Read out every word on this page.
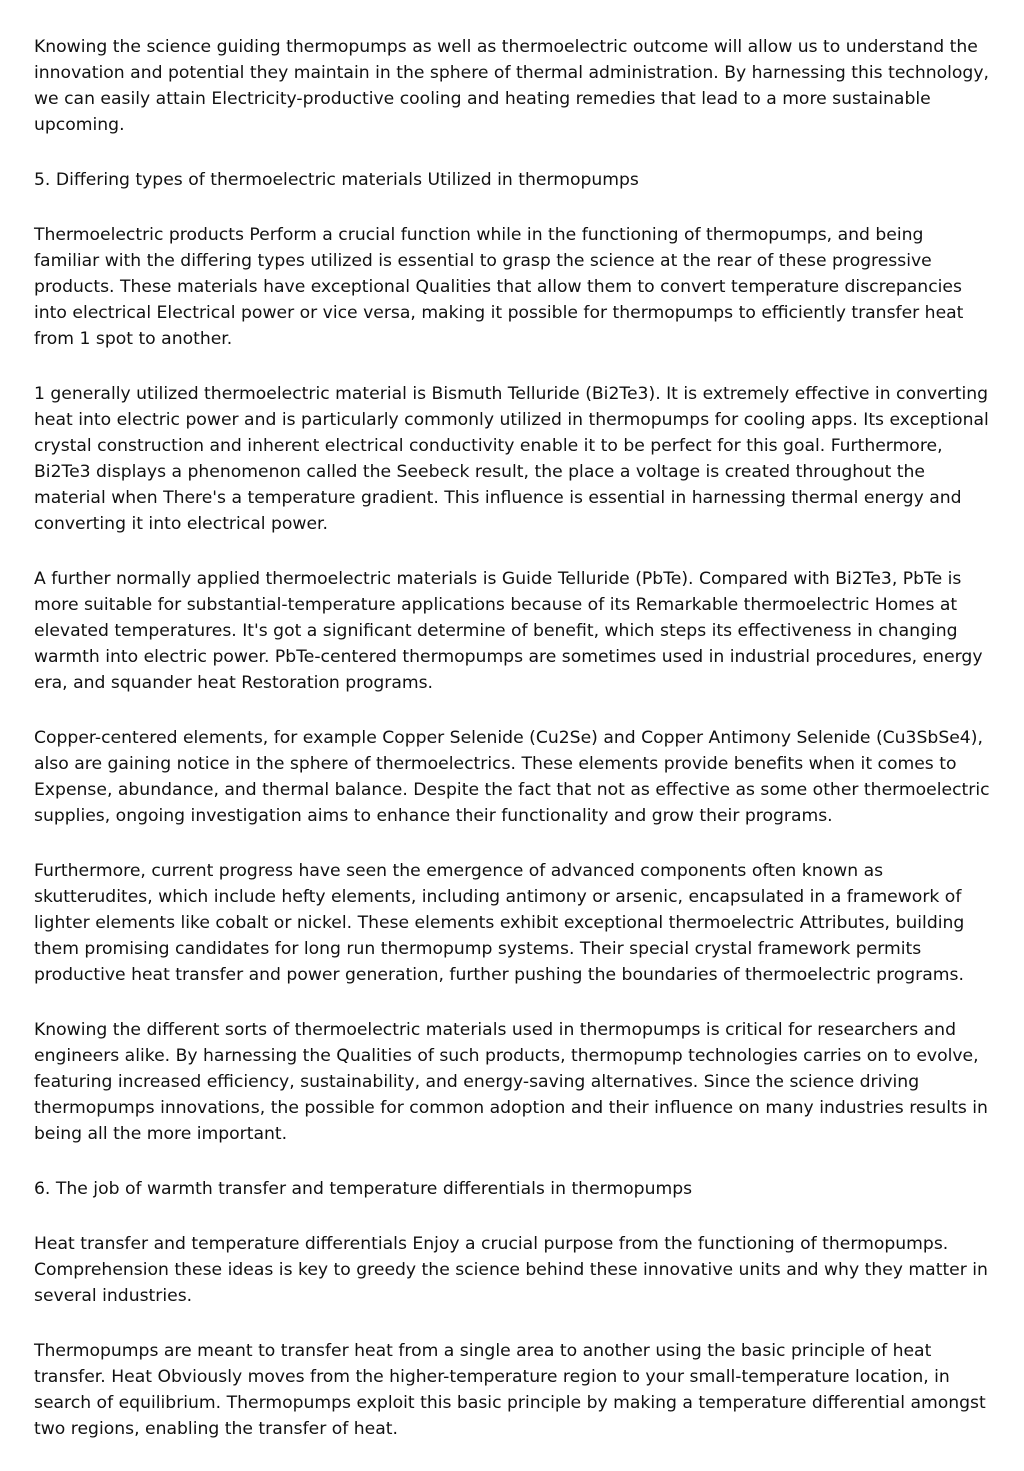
Knowing the science guiding thermopumps as well as thermoelectric outcome will allow us to understand the innovation and potential they maintain in the sphere of thermal administration. By harnessing this technology, we can easily attain Electricity-productive cooling and heating remedies that lead to a more sustainable upcoming.

5. Differing types of thermoelectric materials Utilized in thermopumps

Thermoelectric products Perform a crucial function while in the functioning of thermopumps, and being familiar with the differing types utilized is essential to grasp the science at the rear of these progressive products. These materials have exceptional Qualities that allow them to convert temperature discrepancies into electrical Electrical power or vice versa, making it possible for thermopumps to efficiently transfer heat from 1 spot to another.

1 generally utilized thermoelectric material is Bismuth Telluride (Bi2Te3). It is extremely effective in converting heat into electric power and is particularly commonly utilized in thermopumps for cooling apps. Its exceptional crystal construction and inherent electrical conductivity enable it to be perfect for this goal. Furthermore, Bi2Te3 displays a phenomenon called the Seebeck result, the place a voltage is created throughout the material when There's a temperature gradient. This influence is essential in harnessing thermal energy and converting it into electrical power.

A further normally applied thermoelectric materials is Guide Telluride (PbTe). Compared with Bi2Te3, PbTe is more suitable for substantial-temperature applications because of its Remarkable thermoelectric Homes at elevated temperatures. It's got a significant determine of benefit, which steps its effectiveness in changing warmth into electric power. PbTe-centered thermopumps are sometimes used in industrial procedures, energy era, and squander heat Restoration programs.

Copper-centered elements, for example Copper Selenide (Cu2Se) and Copper Antimony Selenide (Cu3SbSe4), also are gaining notice in the sphere of thermoelectrics. These elements provide benefits when it comes to Expense, abundance, and thermal balance. Despite the fact that not as effective as some other thermoelectric supplies, ongoing investigation aims to enhance their functionality and grow their programs.

Furthermore, current progress have seen the emergence of advanced components often known as skutterudites, which include hefty elements, including antimony or arsenic, encapsulated in a framework of lighter elements like cobalt or nickel. These elements exhibit exceptional thermoelectric Attributes, building them promising candidates for long run thermopump systems. Their special crystal framework permits productive heat transfer and power generation, further pushing the boundaries of thermoelectric programs.

Knowing the different sorts of thermoelectric materials used in thermopumps is critical for researchers and engineers alike. By harnessing the Qualities of such products, thermopump technologies carries on to evolve, featuring increased efficiency, sustainability, and energy-saving alternatives. Since the science driving thermopumps innovations, the possible for common adoption and their influence on many industries results in being all the more important.

6. The job of warmth transfer and temperature differentials in thermopumps

Heat transfer and temperature differentials Enjoy a crucial purpose from the functioning of thermopumps. Comprehension these ideas is key to greedy the science behind these innovative units and why they matter in several industries.

Thermopumps are meant to transfer heat from a single area to another using the basic principle of heat transfer. Heat Obviously moves from the higher-temperature region to your small-temperature location, in search of equilibrium. Thermopumps exploit this basic principle by making a temperature differential amongst two regions, enabling the transfer of heat.
